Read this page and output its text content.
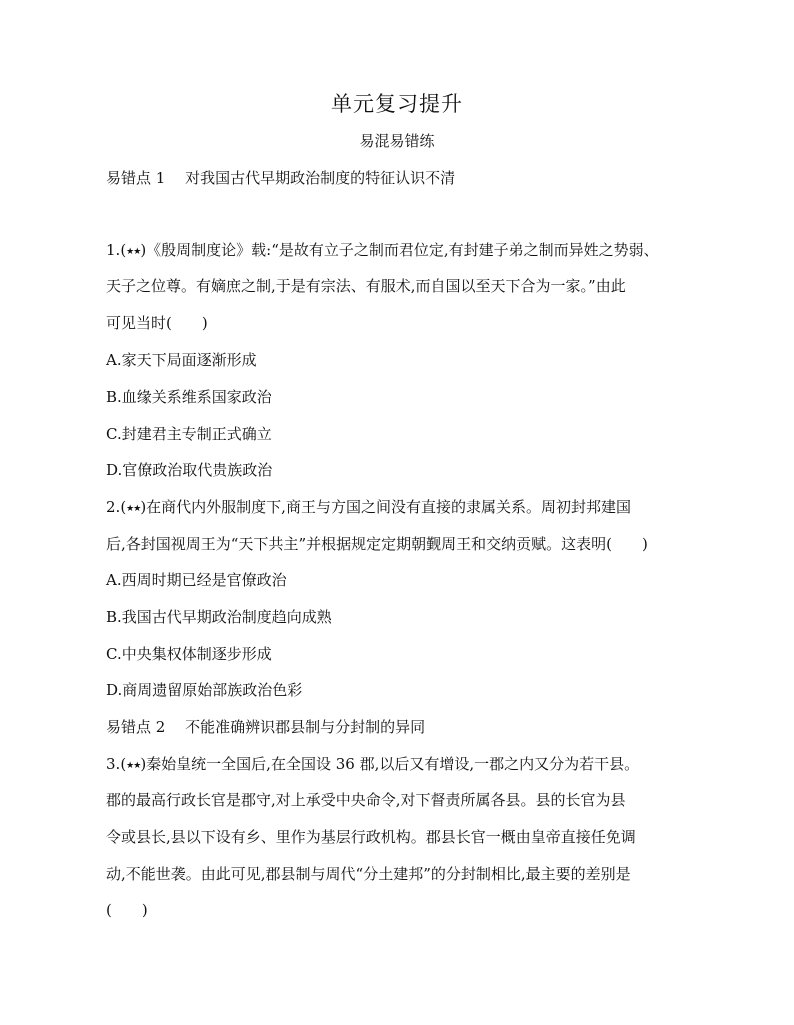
单元复习提升
易混易错练
易错点 1　 对我国古代早期政治制度的特征认识不清
1.(★★)《殷周制度论》载:“是故有立子之制而君位定,有封建子弟之制而异姓之势弱、
天子之位尊。有嫡庶之制,于是有宗法、有服术,而自国以至天下合为一家。”由此
可见当时(　　)
A.家天下局面逐渐形成
B.血缘关系维系国家政治
C.封建君主专制正式确立
D.官僚政治取代贵族政治
2.(★★)在商代内外服制度下,商王与方国之间没有直接的隶属关系。周初封邦建国
后,各封国视周王为“天下共主”并根据规定定期朝觐周王和交纳贡赋。这表明(　　)
A.西周时期已经是官僚政治
B.我国古代早期政治制度趋向成熟
C.中央集权体制逐步形成
D.商周遗留原始部族政治色彩
易错点 2　 不能准确辨识郡县制与分封制的异同
3.(★★)秦始皇统一全国后,在全国设 36 郡,以后又有增设,一郡之内又分为若干县。
郡的最高行政长官是郡守,对上承受中央命令,对下督责所属各县。县的长官为县
令或县长,县以下设有乡、里作为基层行政机构。郡县长官一概由皇帝直接任免调
动,不能世袭。由此可见,郡县制与周代“分土建邦”的分封制相比,最主要的差别是
(　　)
